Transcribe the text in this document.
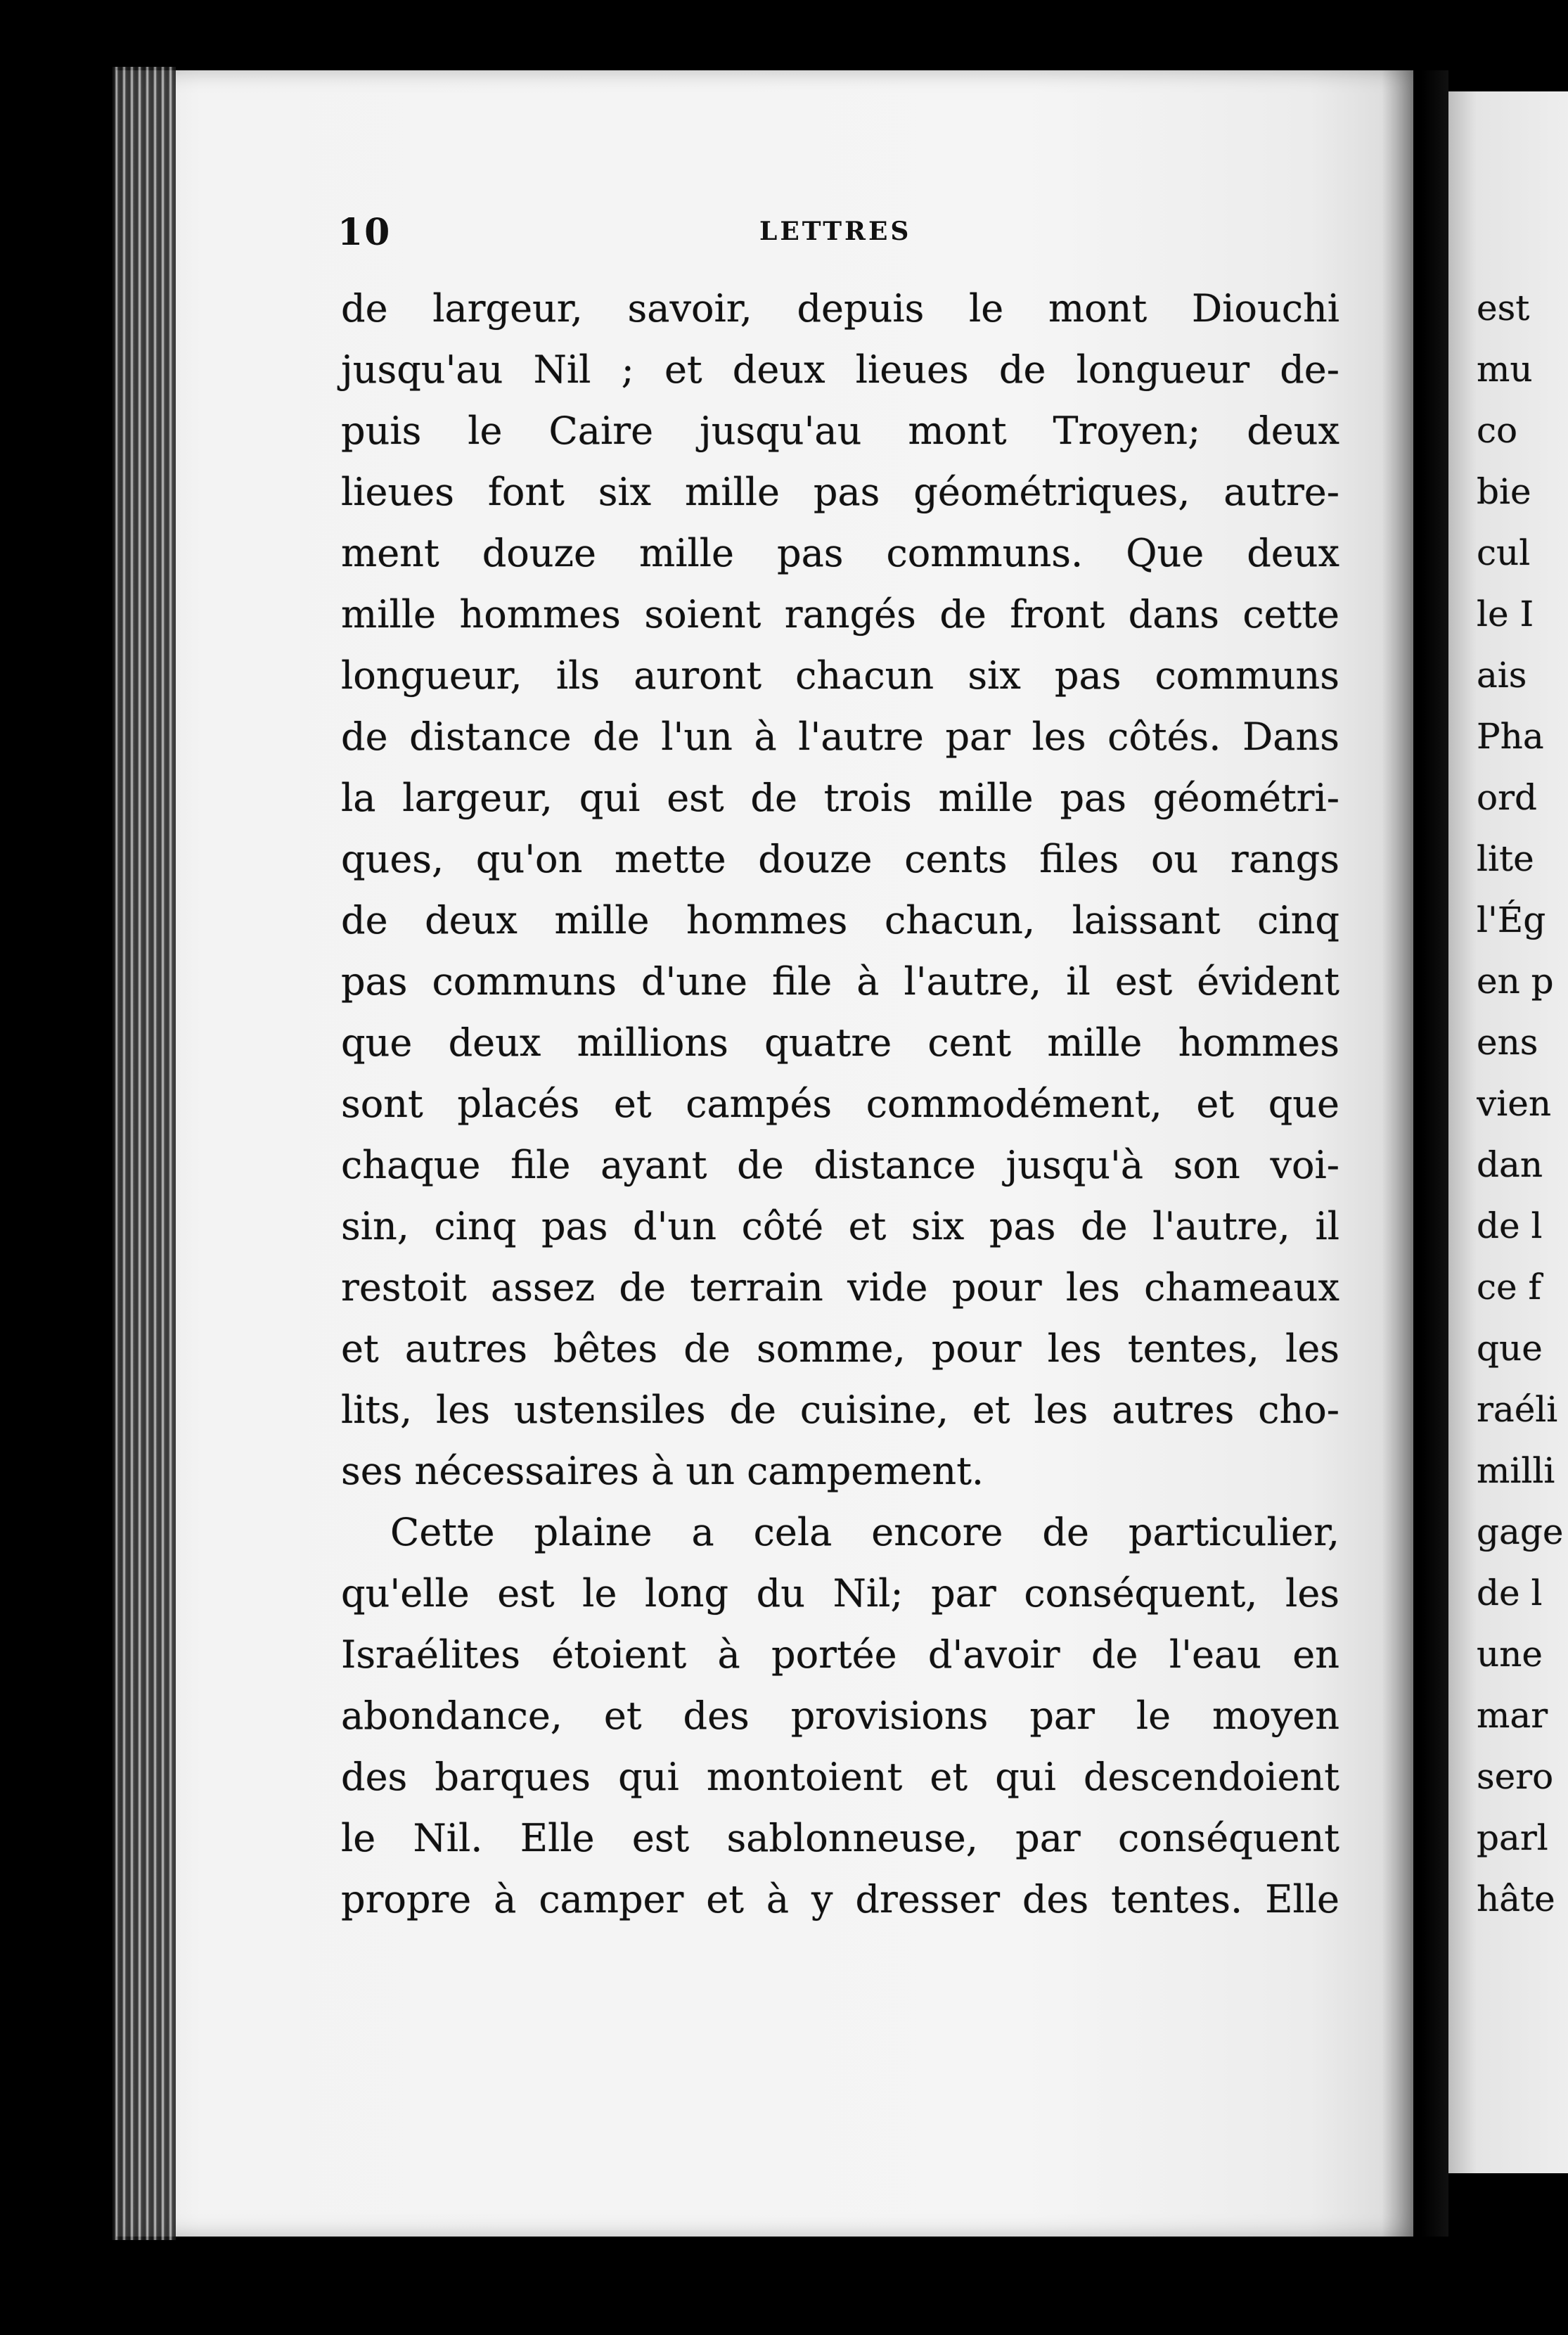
10	LETTRES
de largeur, savoir, depuis le mont Diouchi
jusqu'au Nil ; et deux lieues de longueur de-
puis le Caire jusqu'au mont Troyen; deux
lieues font six mille pas géométriques, autre-
ment douze mille pas communs. Que deux
mille hommes soient rangés de front dans cette
longueur, ils auront chacun six pas communs
de distance de l'un à l'autre par les côtés. Dans
la largeur, qui est de trois mille pas géométri-
ques, qu'on mette douze cents files ou rangs
de deux mille hommes chacun, laissant cinq
pas communs d'une file à l'autre, il est évident
que deux millions quatre cent mille hommes
sont placés et campés commodément, et que
chaque file ayant de distance jusqu'à son voi-
sin, cinq pas d'un côté et six pas de l'autre, il
restoit assez de terrain vide pour les chameaux
et autres bêtes de somme, pour les tentes, les
lits, les ustensiles de cuisine, et les autres cho-
ses nécessaires à un campement.
Cette plaine a cela encore de particulier,
qu'elle est le long du Nil; par conséquent, les
Israélites étoient à portée d'avoir de l'eau en
abondance, et des provisions par le moyen
des barques qui montoient et qui descendoient
le Nil. Elle est sablonneuse, par conséquent
propre à camper et à y dresser des tentes. Elle
est
mu
co
bie
cul
le I
ais
Pha
ord
lite
l'Ég
en p
ens
vien
dan
de l
ce f
que
raéli
milli
gage
de l
une
mar
sero
parl
hâte
